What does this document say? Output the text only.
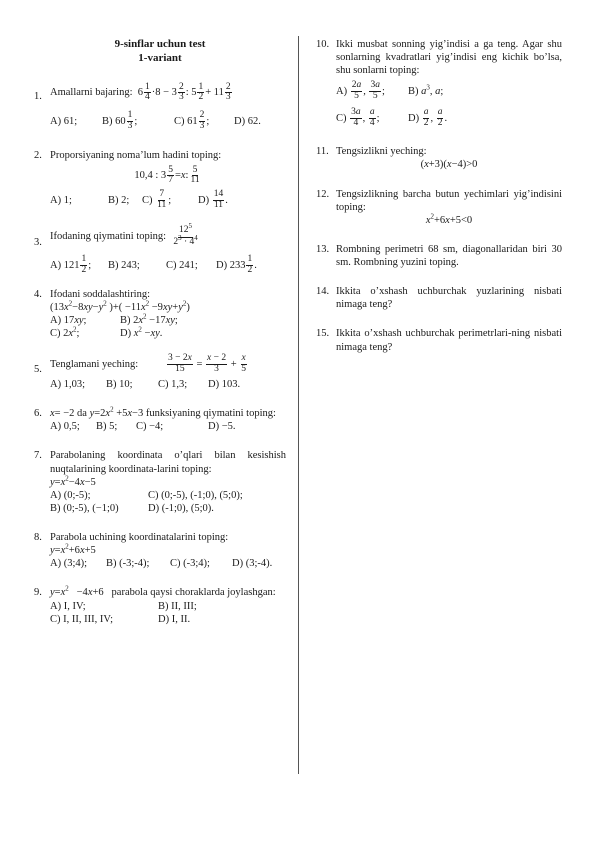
9-sinflar uchun test
1-variant
1. Amallarni bajaring: $6 \frac{1}{4} \cdot 8 - 3 \frac{2}{3}$ : $5 \frac{1}{2} + 11 \frac{2}{3}$
A) 61;	B) $60 \frac{1}{3}$ ;	C) $61 \frac{2}{3}$ ;	D) 62.
2. Proporsiyaning noma’lum hadini toping:
10,4 : $3 \frac{5}{7} = x$ : $\frac{5}{11}$
A) 1;	B) 2;	$C) \frac{7}{11}$ ;	$D) \frac{14}{11}$ .
3.
Ifodaning qiymatini toping:
$\frac{12^5}{2^3 \cdot 4^4}$
A) $121 \frac{1}{2}$ ;	B) 243;	C) 241;	D) $233 \frac{1}{2}$ .
4. Ifodani soddalashtiring:
($13x^2-8xy-y^2$ )+( $-11x^2 -9xy+y^2$)
A) 17xy;	B) $2x^2 -17xy$;
C) $2x^2$;	D) $x^2 -xy$.
5. Tenglamani yeching:	$\frac{3 - 2x}{15} = \frac{x - 2}{3} + \frac{x}{5}$
A) 1,03;	B) 10;	C) 1,3;	D) 103.
6. x= −2 da $y=2x^2 +5x-3$ funksiyaning qiymatini toping:
A) 0,5;	B) 5;	C) −4;	D) −5.
7. Parabolaning koordinata o’qlari bilan kesishish nuqtalarining koordinata-larini toping:
$y=x^2-4x-5$
A) (0;-5);	C) (0;-5), (-1;0), (5;0);
B) (0;-5), (−1;0)	D) (-1;0), (5;0).
8. Parabola uchining koordinatalarini toping:
$y=x^2+6x+5$
A) (3;4);	B) (-3;-4);	C) (-3;4);	D) (3;-4).
9. $y=x^2 -4x+6$   parabola qaysi choraklarda joylashgan:
A) I, IV;	B) II, III;
C) I, II, III, IV;	D) I, II.
10. Ikki musbat sonning yig’indisi a ga teng. Agar shu sonlarning kvadratlari yig’indisi eng kichik bo’lsa, shu sonlarni toping:
$A) \frac{2a}{5}$ , $\frac{3a}{5}$ ;	B) $a^3$, a;
$C) \frac{3a}{4}$ , $\frac{a}{4}$ ;	$D) \frac{a}{2}$ , $\frac{a}{2}$ .
11. Tengsizlikni yeching:
(x+3)(x−4)>0
12. Tengsizlikning barcha butun yechimlari yig’indisini toping:
$x^2+6x+5<0$
13. Rombning perimetri 68 sm, diagonallaridan biri 30 sm. Rombning yuzini toping.
14. Ikkita o’xshash uchburchak yuzlarining nisbati nimaga teng?
15. Ikkita o’xshash uchburchak perimetrlari-ning nisbati nimaga teng?
